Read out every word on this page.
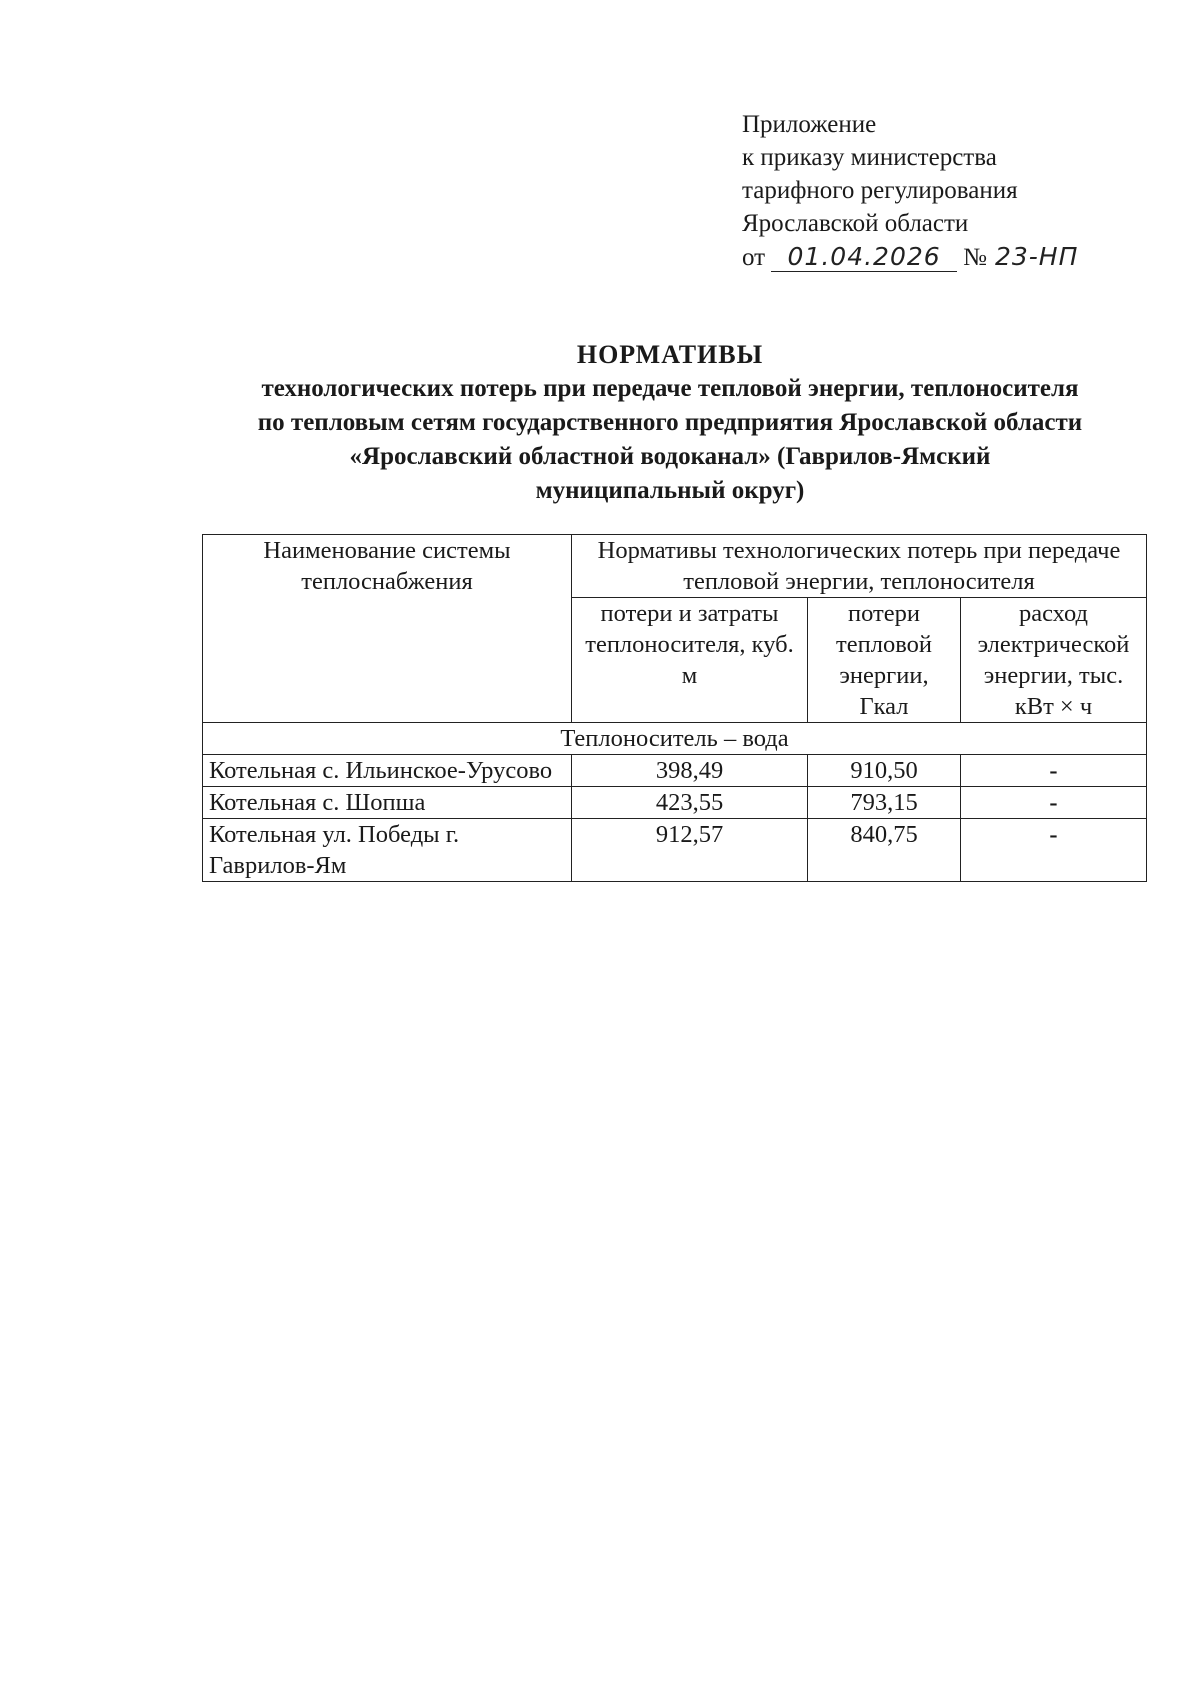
Приложение
к приказу министерства
тарифного регулирования
Ярославской области
от 01.04.2026 № 23-НП
НОРМАТИВЫ
технологических потерь при передаче тепловой энергии, теплоносителя
по тепловым сетям государственного предприятия Ярославской области
«Ярославский областной водоканал» (Гаврилов-Ямский
муниципальный округ)
Наименование системы теплоснабжения	Нормативы технологических потерь при передаче тепловой энергии, теплоносителя		
	потери и затраты теплоносителя, куб. м	потери тепловой энергии, Гкал	расход электрической энергии, тыс. кВт × ч
Теплоноситель – вода			
Котельная с. Ильинское-Урусово	398,49	910,50	-
Котельная с. Шопша	423,55	793,15	-
Котельная ул. Победы г. Гаврилов-Ям	912,57	840,75	-
